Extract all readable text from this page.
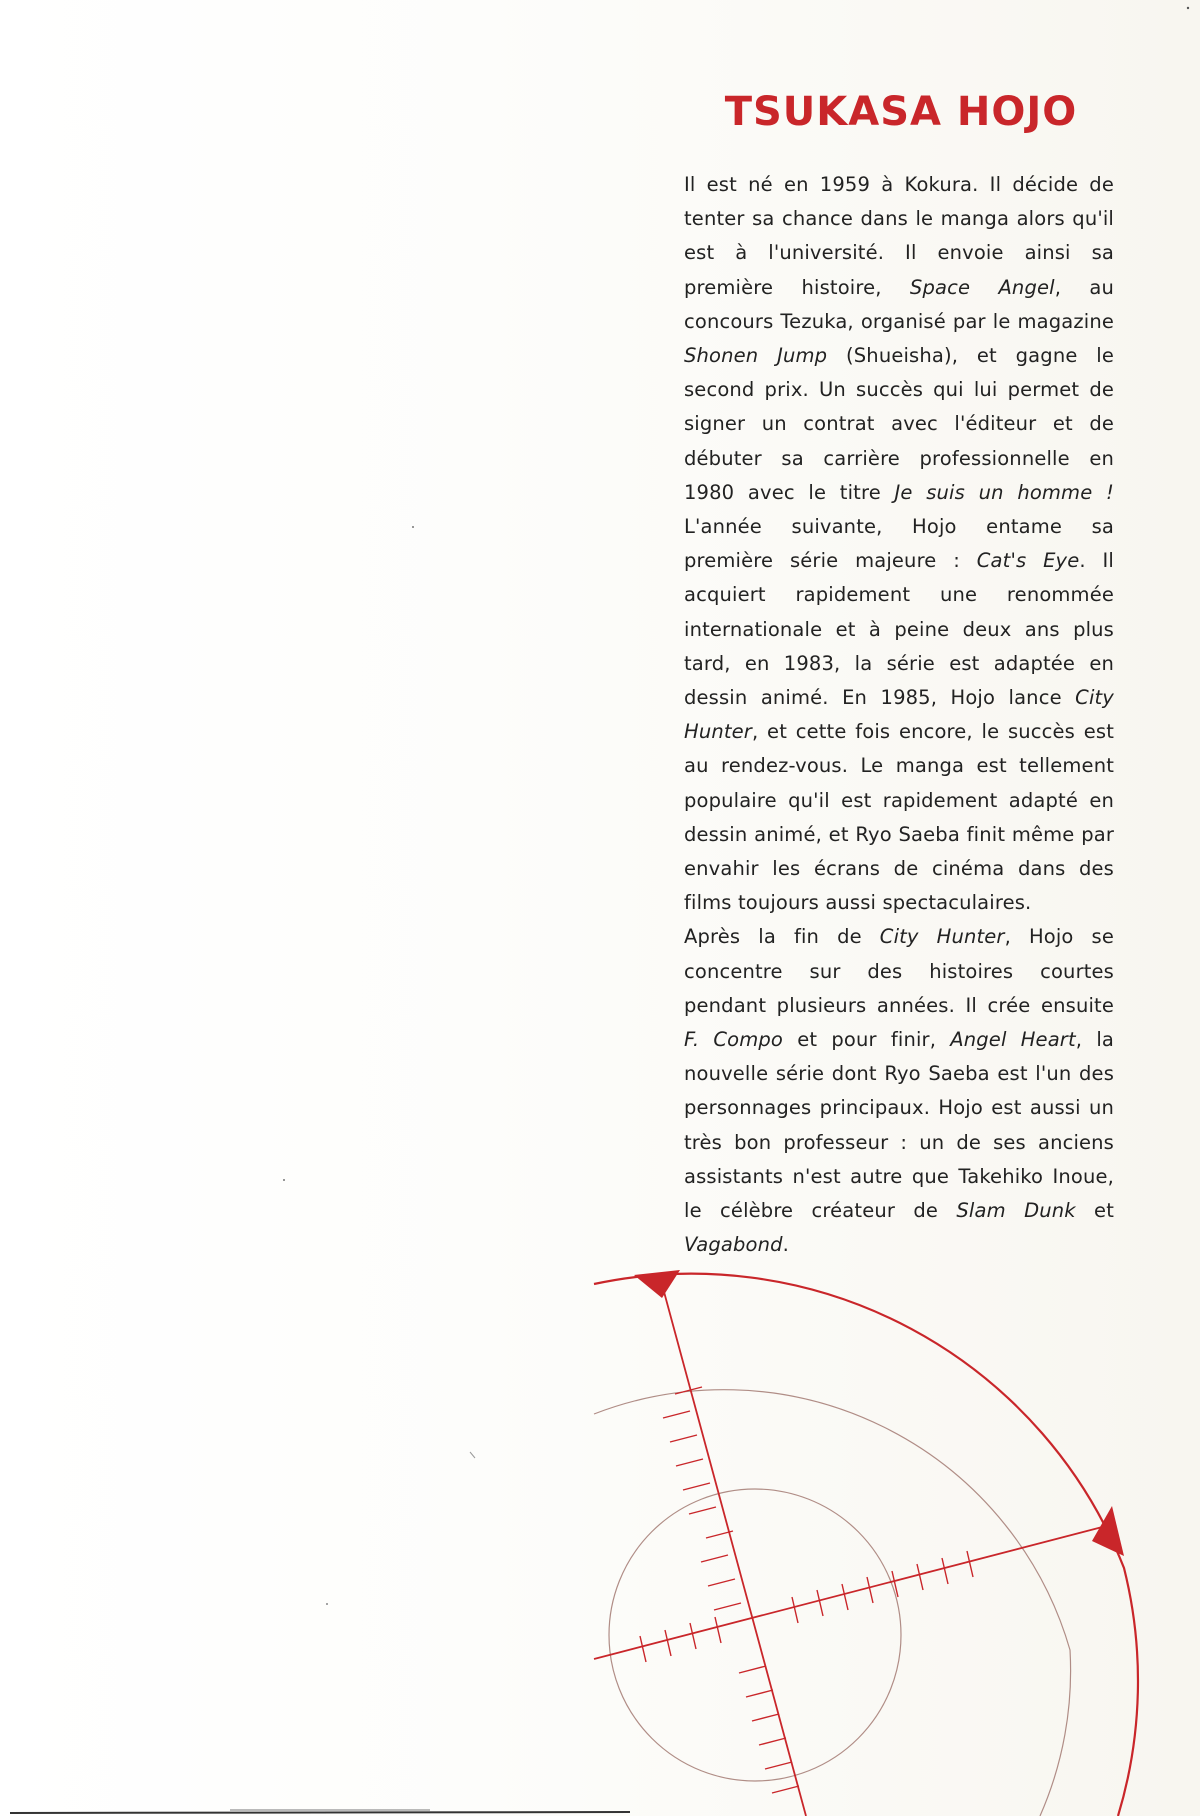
TSUKASA HOJO

Il est né en 1959 à Kokura. Il décide de tenter sa chance dans le manga alors qu'il est à l'université. Il envoie ainsi sa première histoire, Space Angel, au concours Tezuka, organisé par le magazine Shonen Jump (Shueisha), et gagne le second prix. Un succès qui lui permet de signer un contrat avec l'éditeur et de débuter sa carrière professionnelle en 1980 avec le titre Je suis un homme ! L'année suivante, Hojo entame sa première série majeure : Cat's Eye. Il acquiert rapidement une renommée internationale et à peine deux ans plus tard, en 1983, la série est adaptée en dessin animé. En 1985, Hojo lance City Hunter, et cette fois encore, le succès est au rendez-vous. Le manga est tellement populaire qu'il est rapidement adapté en dessin animé, et Ryo Saeba finit même par envahir les écrans de cinéma dans des films toujours aussi spectaculaires.

Après la fin de City Hunter, Hojo se concentre sur des histoires courtes pendant plusieurs années. Il crée ensuite F. Compo et pour finir, Angel Heart, la nouvelle série dont Ryo Saeba est l'un des personnages principaux. Hojo est aussi un très bon professeur : un de ses anciens assistants n'est autre que Takehiko Inoue, le célèbre créateur de Slam Dunk et Vagabond.
